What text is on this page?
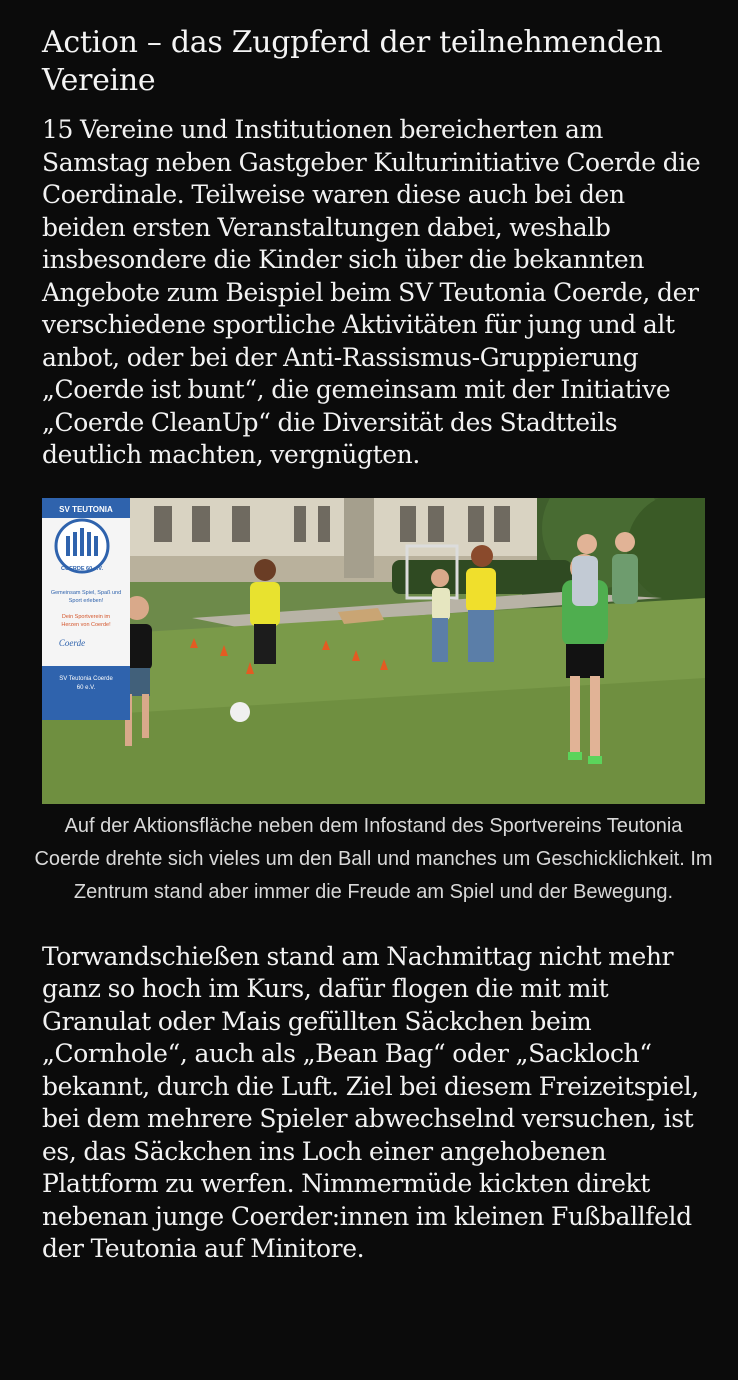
Action – das Zugpferd der teilnehmenden Vereine

15 Vereine und Institutionen bereicherten am Samstag neben Gastgeber Kulturinitiative Coerde die Coerdinale. Teilweise waren diese auch bei den beiden ersten Veranstaltungen dabei, weshalb insbesondere die Kinder sich über die bekannten Angebote zum Beispiel beim SV Teutonia Coerde, der verschiedene sportliche Aktivitäten für jung und alt anbot, oder bei der Anti-Rassismus-Gruppierung „Coerde ist bunt“, die gemeinsam mit der Initiative „Coerde CleanUp“ die Diversität des Stadtteils deutlich machten, vergnügten.

SV TEUTONIA
COERDE 60 e.V.
Gemeinsam Spiel, Spaß und
Sport erleben!
Dein Sportverein im
Herzen von Coerde!
Coerde
SV Teutonia Coerde
60 e.V.
Auf der Aktionsfläche neben dem Infostand des Sportvereins Teutonia Coerde drehte sich vieles um den Ball und manches um Geschicklichkeit. Im Zentrum stand aber immer die Freude am Spiel und der Bewegung.

Torwandschießen stand am Nachmittag nicht mehr ganz so hoch im Kurs, dafür flogen die mit mit Granulat oder Mais gefüllten Säckchen beim „Cornhole“, auch als „Bean Bag“ oder „Sackloch“ bekannt, durch die Luft. Ziel bei diesem Freizeitspiel, bei dem mehrere Spieler abwechselnd versuchen, ist es, das Säckchen ins Loch einer angehobenen Plattform zu werfen. Nimmermüde kickten direkt nebenan junge Coerder:innen im kleinen Fußballfeld der Teutonia auf Minitore.
